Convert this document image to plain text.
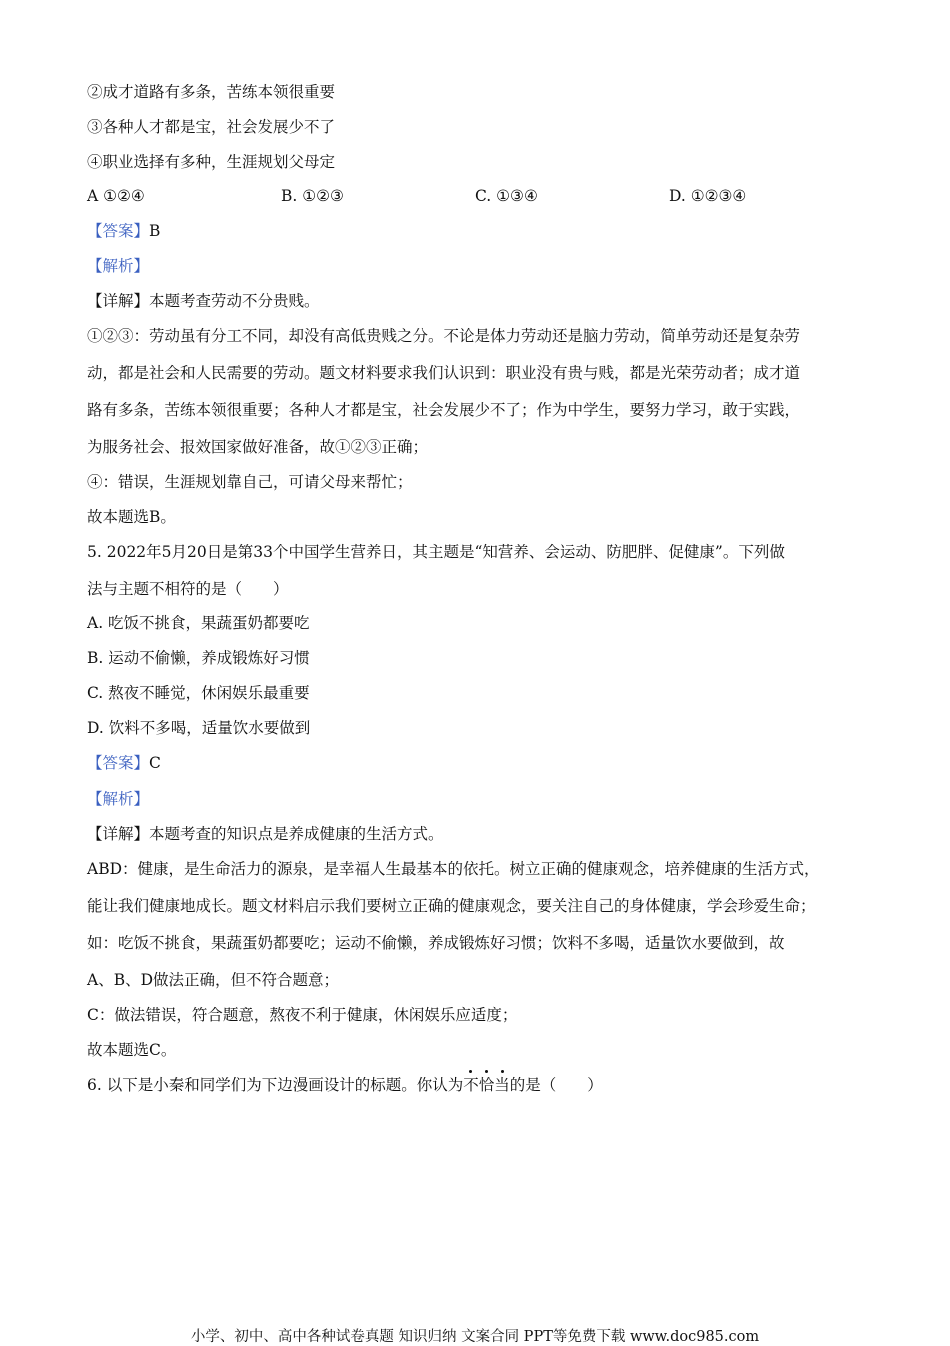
②成才道路有多条，苦练本领很重要
③各种人才都是宝，社会发展少不了
④职业选择有多种，生涯规划父母定
A ①②④	B. ①②③	C. ①③④	D. ①②③④
【答案】B
【解析】
【详解】本题考查劳动不分贵贱。
①②③：劳动虽有分工不同，却没有高低贵贱之分。不论是体力劳动还是脑力劳动，简单劳动还是复杂劳
动，都是社会和人民需要的劳动。题文材料要求我们认识到：职业没有贵与贱，都是光荣劳动者；成才道
路有多条，苦练本领很重要；各种人才都是宝，社会发展少不了；作为中学生，要努力学习，敢于实践，
为服务社会、报效国家做好准备，故①②③正确；
④：错误，生涯规划靠自己，可请父母来帮忙；
故本题选B。
5. 2022年5月20日是第33个中国学生营养日，其主题是“知营养、会运动、防肥胖、促健康”。下列做
法与主题不相符的是（　　）
A. 吃饭不挑食，果蔬蛋奶都要吃
B. 运动不偷懒，养成锻炼好习惯
C. 熬夜不睡觉，休闲娱乐最重要
D. 饮料不多喝，适量饮水要做到
【答案】C
【解析】
【详解】本题考查的知识点是养成健康的生活方式。
ABD：健康，是生命活力的源泉，是幸福人生最基本的依托。树立正确的健康观念，培养健康的生活方式，
能让我们健康地成长。题文材料启示我们要树立正确的健康观念，要关注自己的身体健康，学会珍爱生命；
如：吃饭不挑食，果蔬蛋奶都要吃；运动不偷懒，养成锻炼好习惯；饮料不多喝，适量饮水要做到，故
A、B、D做法正确，但不符合题意；
C：做法错误，符合题意，熬夜不利于健康，休闲娱乐应适度；
故本题选C。
6. 以下是小秦和同学们为下边漫画设计的标题。你认为不恰当的是（　　）
小学、初中、高中各种试卷真题 知识归纳 文案合同 PPT等免费下载 www.doc985.com
